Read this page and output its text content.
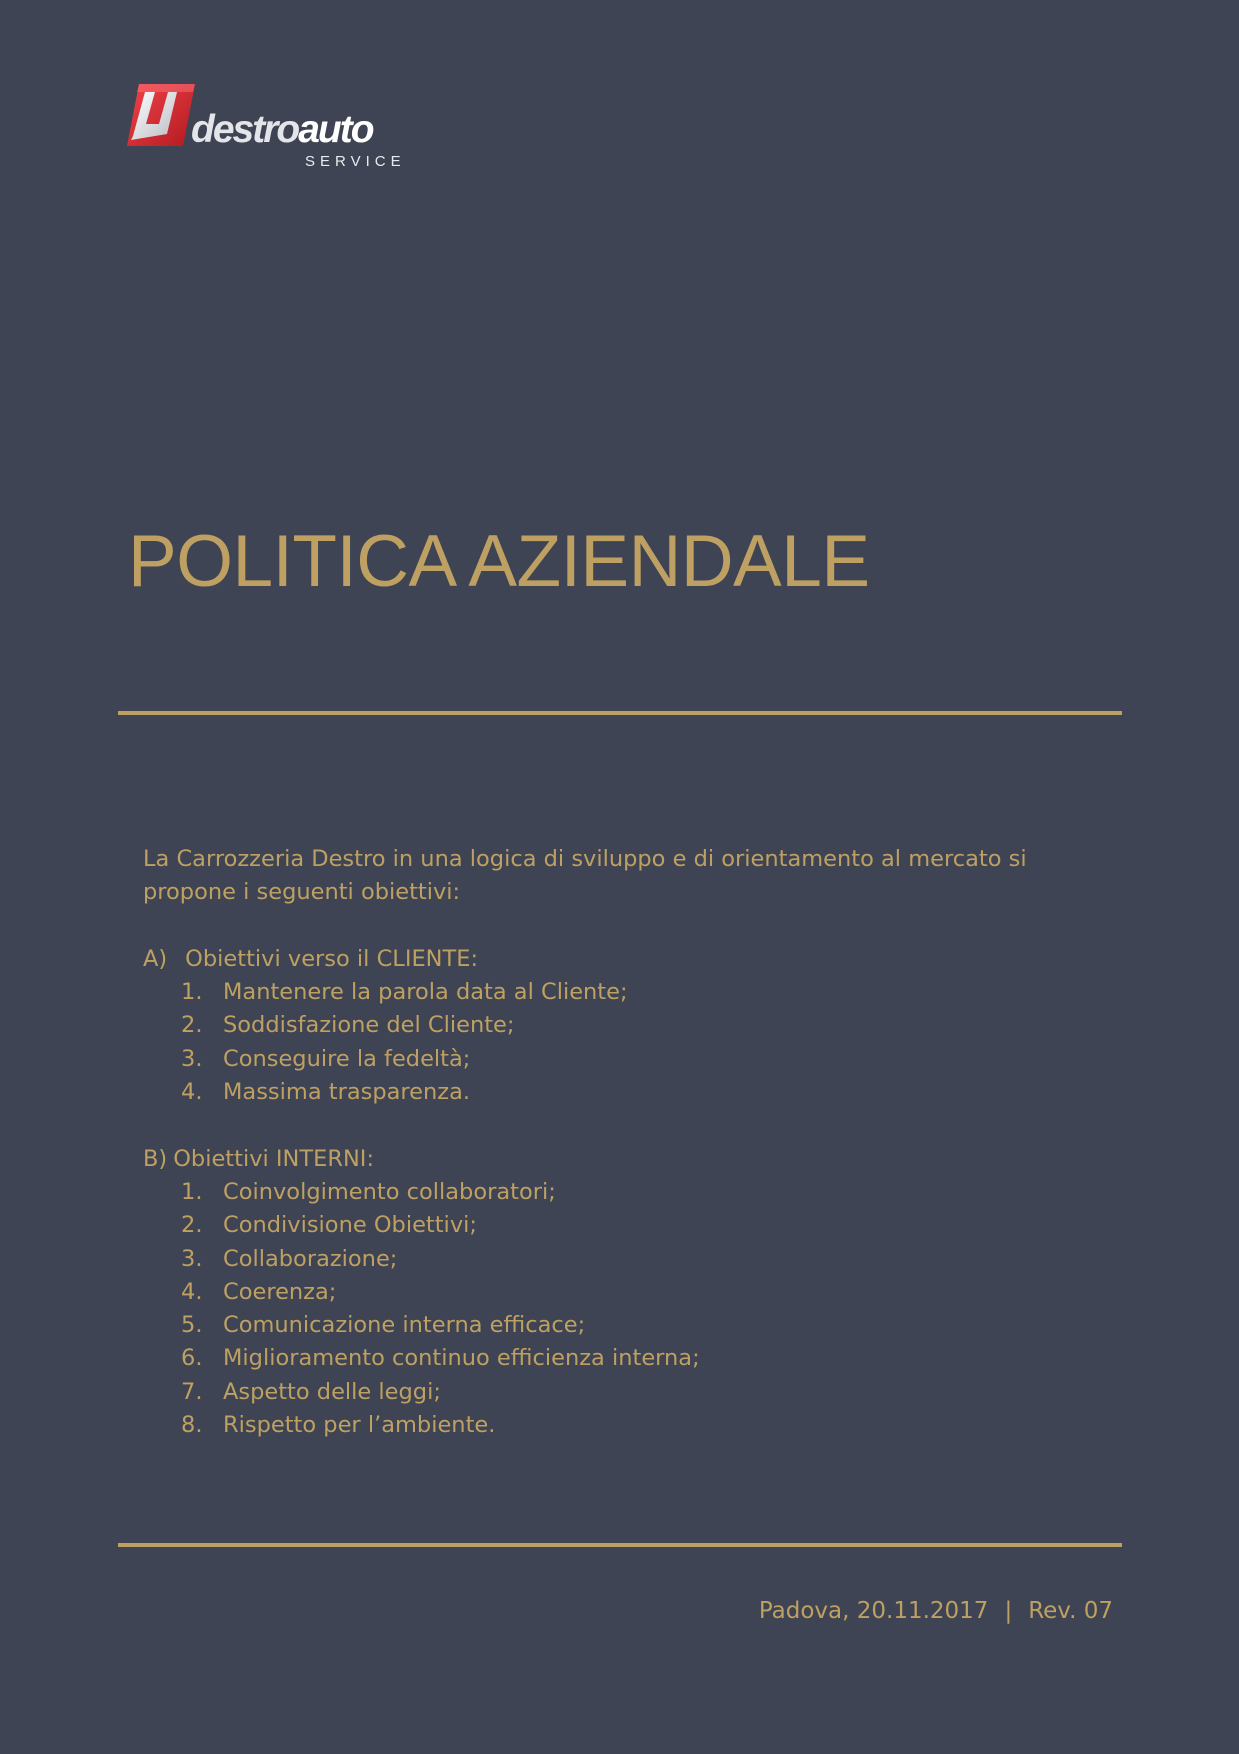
destroauto
SERVICE
POLITICA AZIENDALE

La Carrozzeria Destro in una logica di sviluppo e di orientamento al mercato si propone i seguenti obiettivi:

A) Obiettivi verso il CLIENTE:
1. Mantenere la parola data al Cliente;
2. Soddisfazione del Cliente;
3. Conseguire la fedeltà;
4. Massima trasparenza.
B) Obiettivi INTERNI:
1. Coinvolgimento collaboratori;
2. Condivisione Obiettivi;
3. Collaborazione;
4. Coerenza;
5. Comunicazione interna efficace;
6. Miglioramento continuo efficienza interna;
7. Aspetto delle leggi;
8. Rispetto per l’ambiente.
Padova, 20.11.2017 | Rev. 07
